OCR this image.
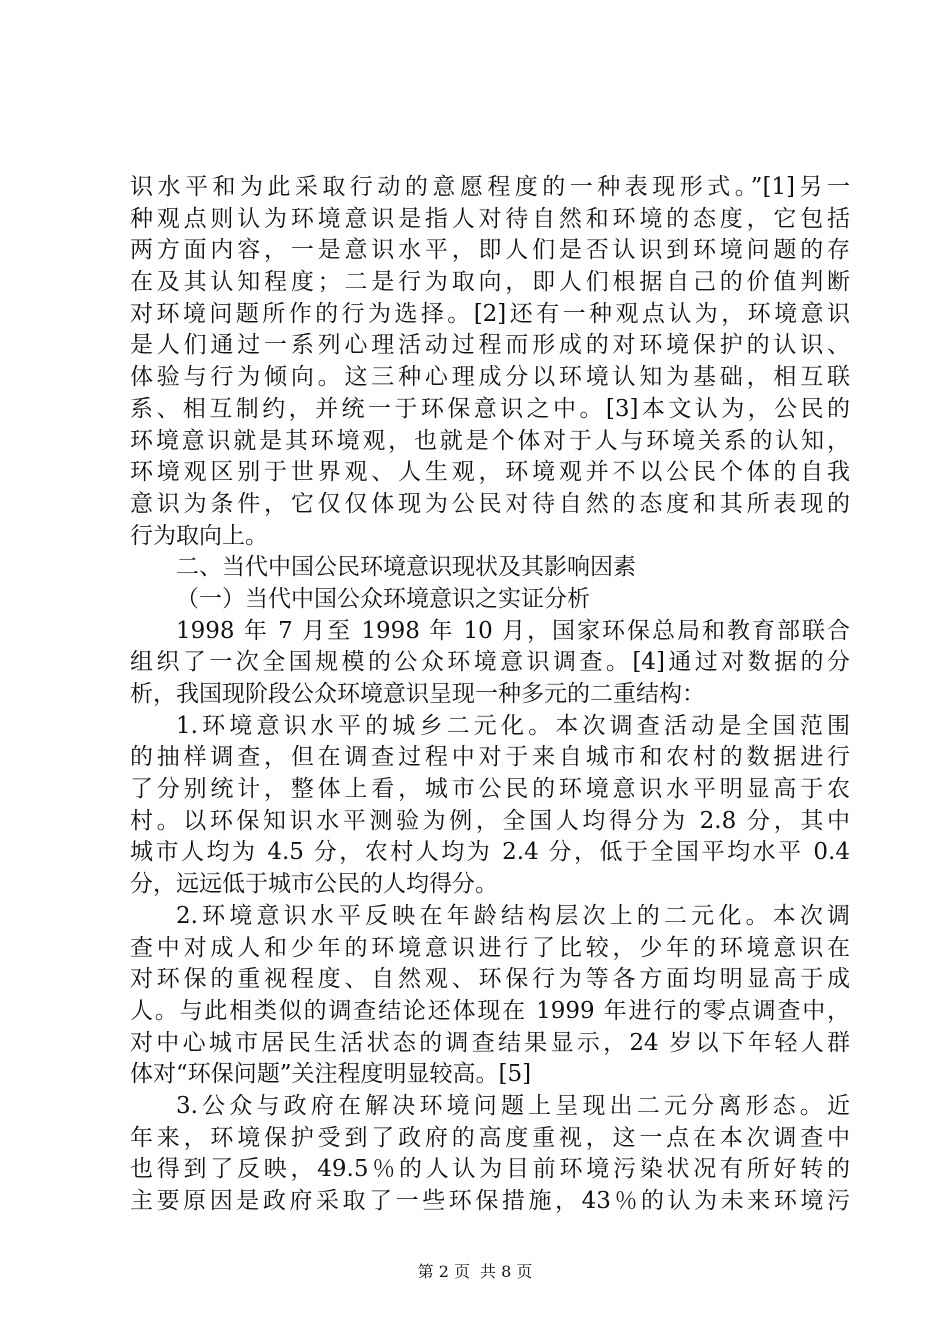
识水平和为此采取行动的意愿程度的一种表现形式。”[1]另一
种观点则认为环境意识是指人对待自然和环境的态度，它包括
两方面内容，一是意识水平，即人们是否认识到环境问题的存
在及其认知程度；二是行为取向，即人们根据自己的价值判断
对环境问题所作的行为选择。[2]还有一种观点认为，环境意识
是人们通过一系列心理活动过程而形成的对环境保护的认识、
体验与行为倾向。这三种心理成分以环境认知为基础，相互联
系、相互制约，并统一于环保意识之中。[3]本文认为，公民的
环境意识就是其环境观，也就是个体对于人与环境关系的认知，
环境观区别于世界观、人生观，环境观并不以公民个体的自我
意识为条件，它仅仅体现为公民对待自然的态度和其所表现的
行为取向上。
二、当代中国公民环境意识现状及其影响因素
（一）当代中国公众环境意识之实证分析
1998 年 7 月至 1998 年 10 月，国家环保总局和教育部联合
组织了一次全国规模的公众环境意识调查。[4]通过对数据的分
析，我国现阶段公众环境意识呈现一种多元的二重结构：
1.环境意识水平的城乡二元化。本次调查活动是全国范围
的抽样调查，但在调查过程中对于来自城市和农村的数据进行
了分别统计，整体上看，城市公民的环境意识水平明显高于农
村。以环保知识水平测验为例，全国人均得分为 2.8 分，其中
城市人均为 4.5 分，农村人均为 2.4 分，低于全国平均水平 0.4
分，远远低于城市公民的人均得分。
2.环境意识水平反映在年龄结构层次上的二元化。本次调
查中对成人和少年的环境意识进行了比较，少年的环境意识在
对环保的重视程度、自然观、环保行为等各方面均明显高于成
人。与此相类似的调查结论还体现在 1999 年进行的零点调查中，
对中心城市居民生活状态的调查结果显示，24 岁以下年轻人群
体对“环保问题”关注程度明显较高。[5]
3.公众与政府在解决环境问题上呈现出二元分离形态。近
年来，环境保护受到了政府的高度重视，这一点在本次调查中
也得到了反映，49.5％的人认为目前环境污染状况有所好转的
主要原因是政府采取了一些环保措施，43％的认为未来环境污
第 2 页 共 8 页
